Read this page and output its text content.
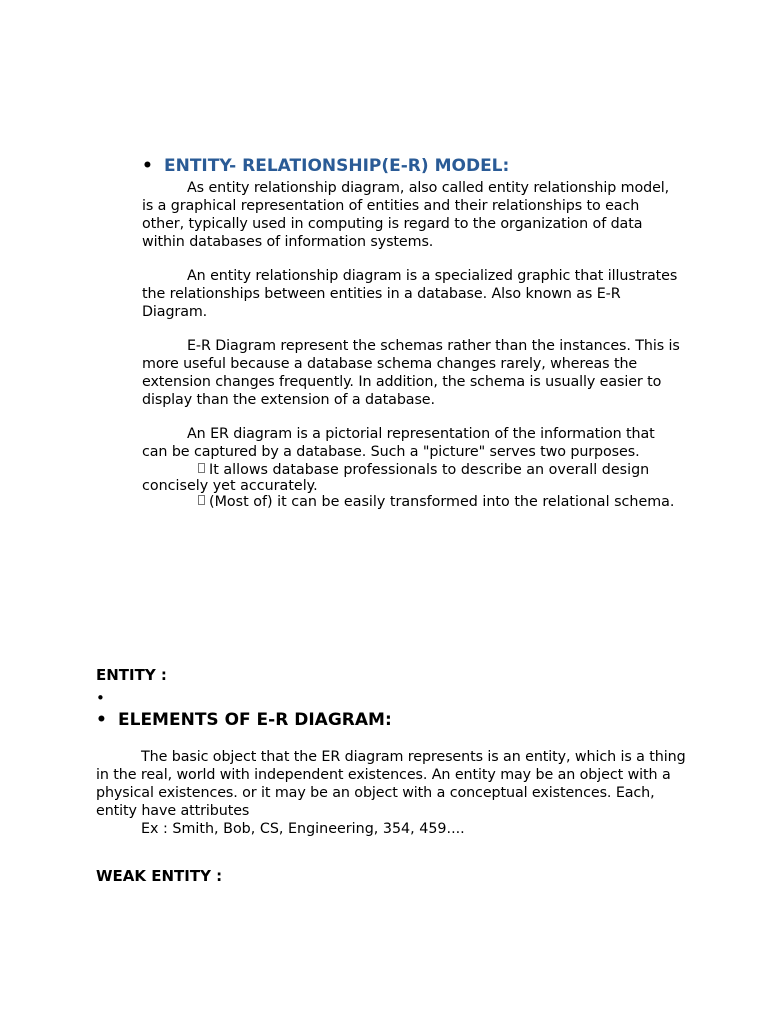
• ENTITY- RELATIONSHIP(E-R) MODEL:

As entity relationship diagram, also called entity relationship model, is a graphical representation of entities and their relationships to each other, typically used in computing is regard to the organization of data within databases of information systems.

An entity relationship diagram is a specialized graphic that illustrates the relationships between entities in a database. Also known as E-R Diagram.

E-R Diagram represent the schemas rather than the instances. This is more useful because a database schema changes rarely, whereas the extension changes frequently. In addition, the schema is usually easier to display than the extension of a database.

An ER diagram is a pictorial representation of the information that can be captured by a database. Such a "picture" serves two purposes.

It allows database professionals to describe an overall design
concisely yet accurately.
(Most of) it can be easily transformed into the relational schema.
ENTITY :
•
• ELEMENTS OF E-R DIAGRAM:

The basic object that the ER diagram represents is an entity, which is a thing in the real, world with independent existences. An entity may be an object with a physical existences. or it may be an object with a conceptual existences. Each, entity have attributes

Ex : Smith, Bob, CS, Engineering, 354, 459....

WEAK ENTITY :
